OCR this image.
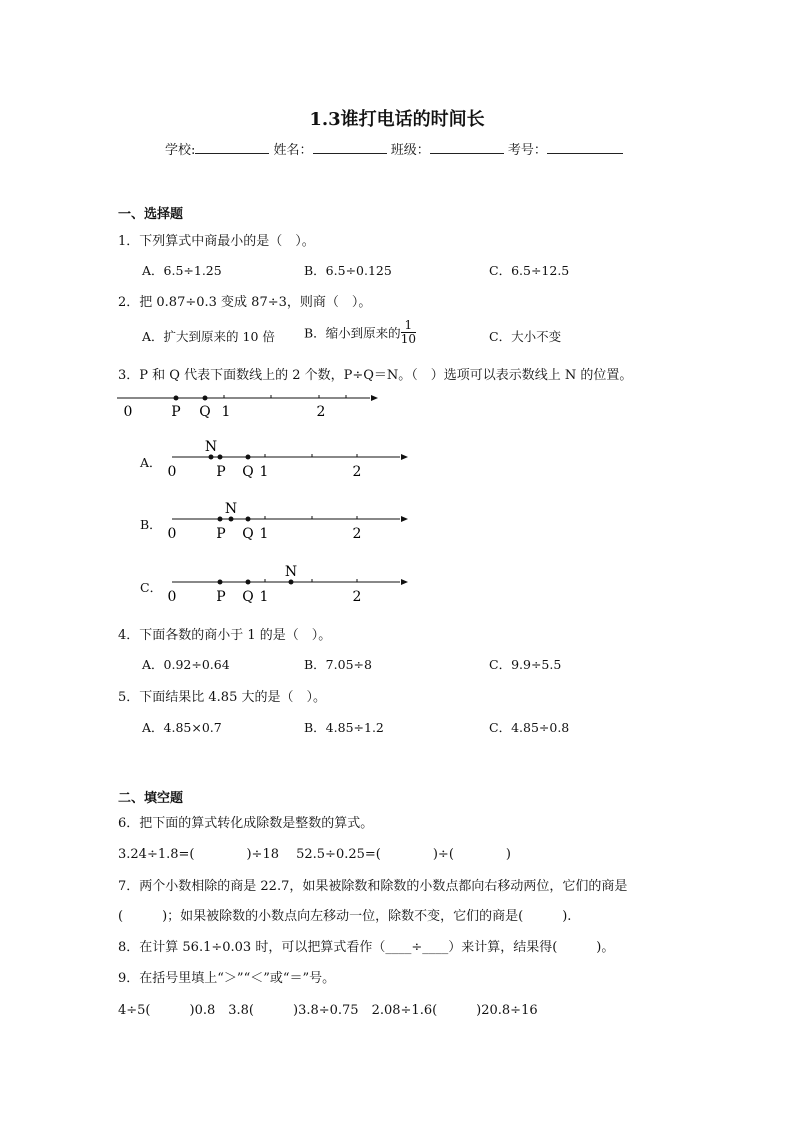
1.3谁打电话的时间长
学校:	姓名：	班级：	考号：
一、选择题
1．下列算式中商最小的是（　）。
A．6.5÷1.25	B．6.5÷0.125	C．6.5÷12.5
2．把 0.87÷0.3 变成 87÷3，则商（　）。
A．扩大到原来的 10 倍 B．缩小到原来的 $\frac{1}{10}$	C．大小不变
3．P 和 Q 代表下面数线上的 2 个数，P÷Q＝N。（　）选项可以表示数线上 N 的位置。
0	P Q 1	2
A．
N
0	P Q 1	2
B．
N
0	P Q 1	2
C．
N
0	P Q 1	2
4．下面各数的商小于 1 的是（　）。
A．0.92÷0.64	B．7.05÷8	C．9.9÷5.5
5．下面结果比 4.85 大的是（　）。
A．4.85×0.7	B．4.85÷1.2	C．4.85÷0.8
二、填空题
6．把下面的算式转化成除数是整数的算式。
3.24÷1.8=(　　　　)÷18　 52.5÷0.25=(　　　　)÷(　　　　)
7．两个小数相除的商是 22.7，如果被除数和除数的小数点都向右移动两位，它们的商是
(　　　)；如果被除数的小数点向左移动一位，除数不变，它们的商是(　　　).
8．在计算 56.1÷0.03 时，可以把算式看作（____÷____）来计算，结果得(　　　)。
9．在括号里填上“＞”“＜”或“＝”号。
4÷5(　　　)0.8　3.8(　　　)3.8÷0.75　2.08÷1.6(　　　)20.8÷16
